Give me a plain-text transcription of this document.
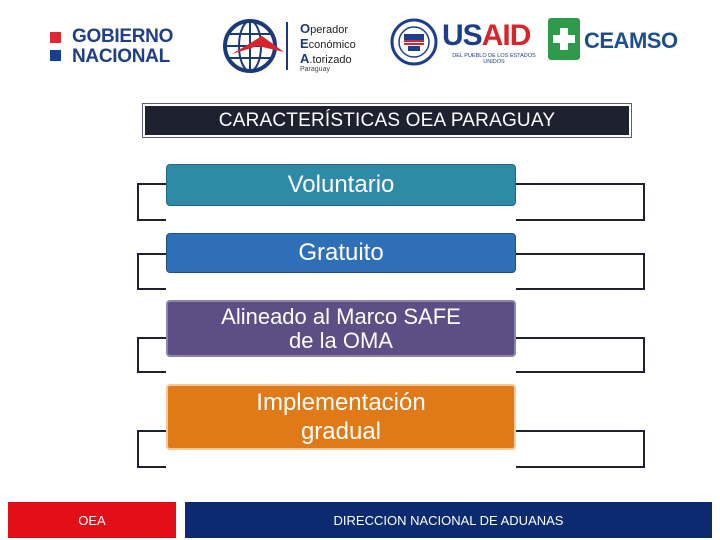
GOBIERNO
NACIONAL
Operador
Económico
A.torizado
Paraguay
USAID
DEL PUEBLO DE LOS ESTADOS UNIDOS
CEAMSO
CARACTERÍSTICAS OEA PARAGUAY
Voluntario
Gratuito
Alineado al Marco SAFE
de la OMA
Implementación
gradual
OEA	DIRECCION NACIONAL DE ADUANAS
